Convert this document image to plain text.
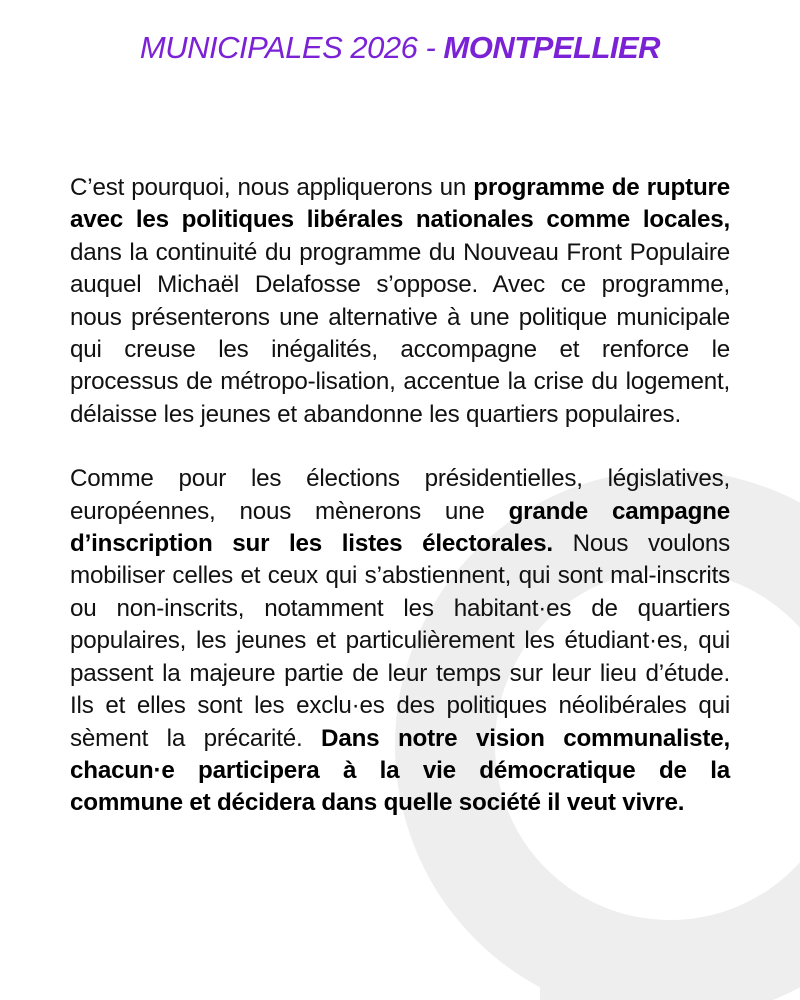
MUNICIPALES 2026 - MONTPELLIER

C’est pourquoi, nous appliquerons un programme de rupture avec les politiques libérales nationales comme locales, dans la continuité du programme du Nouveau Front Populaire auquel Michaël Delafosse s’oppose. Avec ce programme, nous présenterons une alternative à une politique municipale qui creuse les inégalités, accompagne et renforce le processus de métropo-lisation, accentue la crise du logement, délaisse les jeunes et abandonne les quartiers populaires.

Comme pour les élections présidentielles, législatives, européennes, nous mènerons une grande campagne d’inscription sur les listes électorales. Nous voulons mobiliser celles et ceux qui s’abstiennent, qui sont mal-inscrits ou non-inscrits, notamment les habitant·es de quartiers populaires, les jeunes et particulièrement les étudiant·es, qui passent la majeure partie de leur temps sur leur lieu d’étude. Ils et elles sont les exclu·es des politiques néolibérales qui sèment la précarité. Dans notre vision communaliste, chacun·e participera à la vie démocratique de la commune et décidera dans quelle société il veut vivre.
